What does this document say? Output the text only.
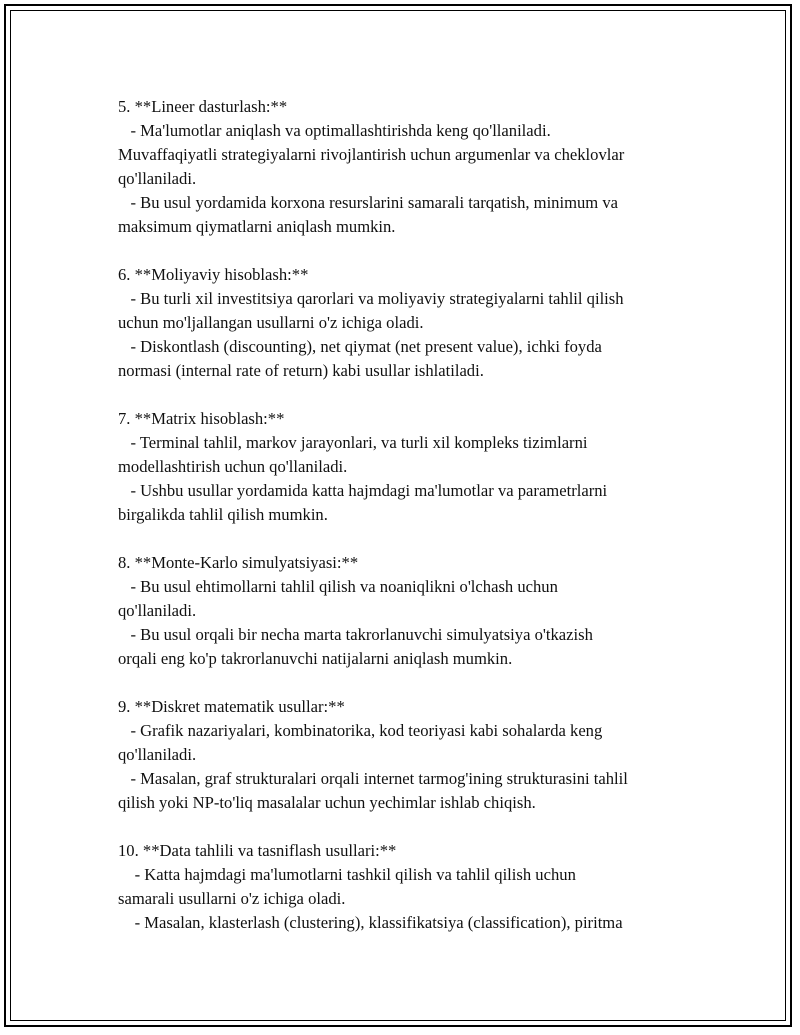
5. **Lineer dasturlash:**
- Ma'lumotlar aniqlash va optimallashtirishda keng qo'llaniladi.
Muvaffaqiyatli strategiyalarni rivojlantirish uchun argumenlar va cheklovlar
qo'llaniladi.
- Bu usul yordamida korxona resurslarini samarali tarqatish, minimum va
maksimum qiymatlarni aniqlash mumkin.
6. **Moliyaviy hisoblash:**
- Bu turli xil investitsiya qarorlari va moliyaviy strategiyalarni tahlil qilish
uchun mo'ljallangan usullarni o'z ichiga oladi.
- Diskontlash (discounting), net qiymat (net present value), ichki foyda
normasi (internal rate of return) kabi usullar ishlatiladi.
7. **Matrix hisoblash:**
- Terminal tahlil, markov jarayonlari, va turli xil kompleks tizimlarni
modellashtirish uchun qo'llaniladi.
- Ushbu usullar yordamida katta hajmdagi ma'lumotlar va parametrlarni
birgalikda tahlil qilish mumkin.
8. **Monte-Karlo simulyatsiyasi:**
- Bu usul ehtimollarni tahlil qilish va noaniqlikni o'lchash uchun
qo'llaniladi.
- Bu usul orqali bir necha marta takrorlanuvchi simulyatsiya o'tkazish
orqali eng ko'p takrorlanuvchi natijalarni aniqlash mumkin.
9. **Diskret matematik usullar:**
- Grafik nazariyalari, kombinatorika, kod teoriyasi kabi sohalarda keng
qo'llaniladi.
- Masalan, graf strukturalari orqali internet tarmog'ining strukturasini tahlil
qilish yoki NP-to'liq masalalar uchun yechimlar ishlab chiqish.
10. **Data tahlili va tasniflash usullari:**
- Katta hajmdagi ma'lumotlarni tashkil qilish va tahlil qilish uchun
samarali usullarni o'z ichiga oladi.
- Masalan, klasterlash (clustering), klassifikatsiya (classification), piritma
